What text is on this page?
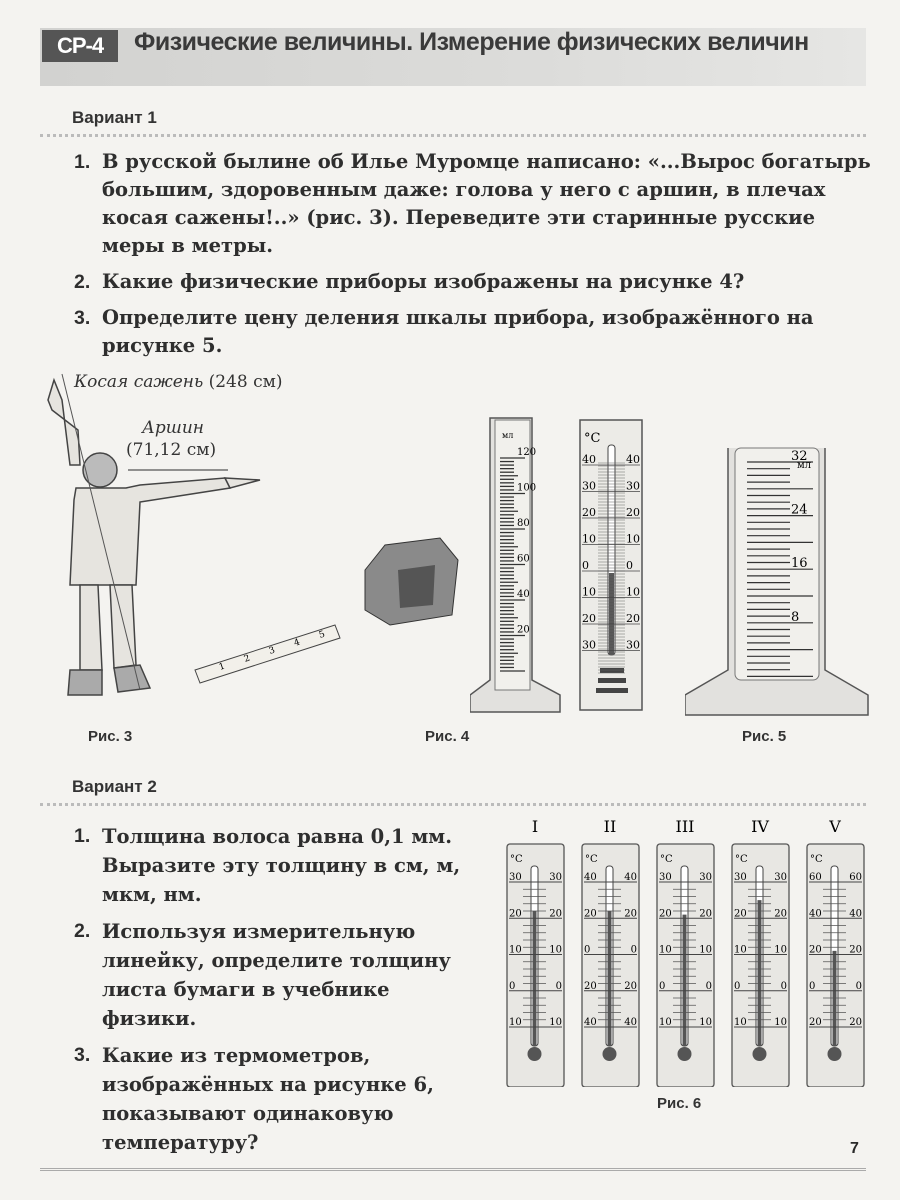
СР-4	Физические величины. Измерение физических величин
Вариант 1
1. В русской былине об Илье Муромце написано: «...Вырос богатырь большим, здоровенным даже: голова у него с аршин, в плечах косая сажены!..» (рис. 3). Переведите эти старинные русские меры в метры.
2. Какие физические приборы изображены на рисунке 4?
3. Определите цену деления шкалы прибора, изображённого на рисунке 5.
Косая сажень (248 см)
Аршин
(71,12 см)
1
2
3
4
5
Рис. 3
мл
120
100
80
60
40
20
°C
40	40
30	30
20	20
10	10
0	0
10	10
20	20
30	30
Рис. 4
мл
32
24
16
8
Рис. 5
Вариант 2
1. Толщина волоса равна 0,1 мм. Выразите эту толщину в см, м, мкм, нм.
2. Используя измерительную линейку, определите толщину листа бумаги в учебнике физики.
3. Какие из термометров, изображённых на рисунке 6, показывают одинаковую температуру?
I
°C
30	30
20	20
10	10
0	0
10	10
II
°C
40	40
20	20
0	0
20	20
40	40
III
°C
30	30
20	20
10	10
0	0
10	10
IV
°C
30	30
20	20
10	10
0	0
10	10
V
°C
60	60
40	40
20	20
0	0
20	20
Рис. 6
7
